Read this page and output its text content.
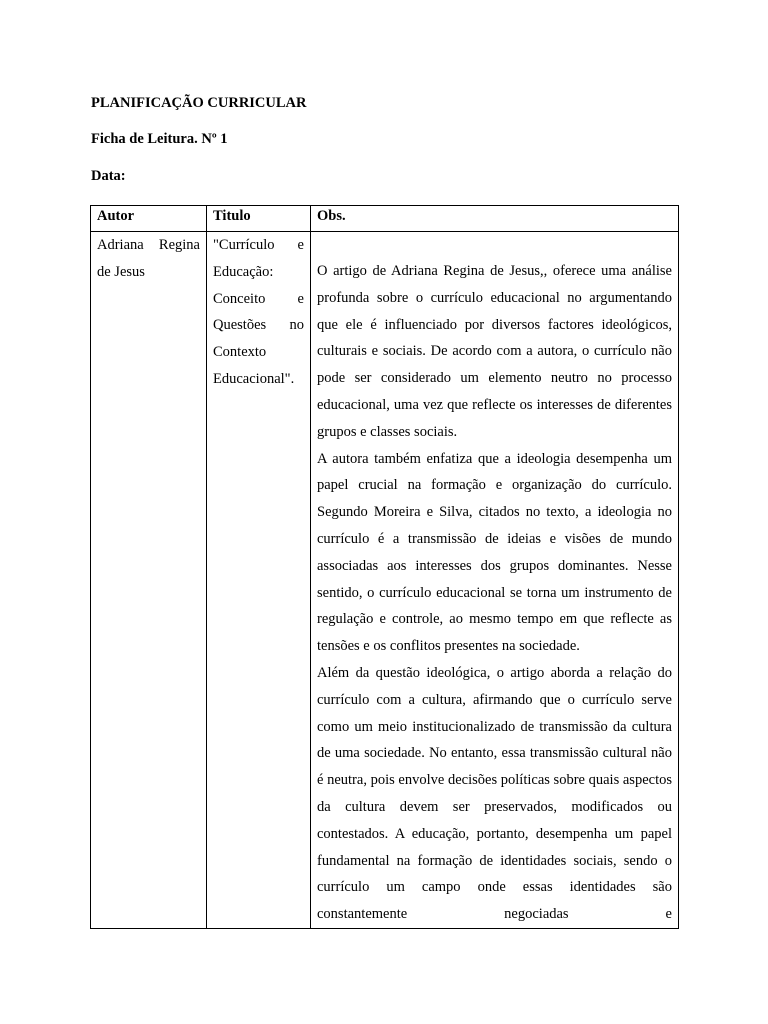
PLANIFICAÇÃO CURRICULAR

Ficha de Leitura. Nº 1

Data:

Autor	Titulo	Obs.

Adriana Regina de Jesus	"Currículo e Educação: Conceito e Questões no Contexto Educacional".	O artigo de Adriana Regina de Jesus,, oferece uma análise profunda sobre o currículo educacional no argumentando que ele é influenciado por diversos factores ideológicos, culturais e sociais. De acordo com a autora, o currículo não pode ser considerado um elemento neutro no processo educacional, uma vez que reflecte os interesses de diferentes grupos e classes sociais.

A autora também enfatiza que a ideologia desempenha um papel crucial na formação e organização do currículo. Segundo Moreira e Silva, citados no texto, a ideologia no currículo é a transmissão de ideias e visões de mundo associadas aos interesses dos grupos dominantes. Nesse sentido, o currículo educacional se torna um instrumento de regulação e controle, ao mesmo tempo em que reflecte as tensões e os conflitos presentes na sociedade.

Além da questão ideológica, o artigo aborda a relação do currículo com a cultura, afirmando que o currículo serve como um meio institucionalizado de transmissão da cultura de uma sociedade. No entanto, essa transmissão cultural não é neutra, pois envolve decisões políticas sobre quais aspectos da cultura devem ser preservados, modificados ou contestados. A educação, portanto, desempenha um papel fundamental na formação de identidades sociais, sendo o currículo um campo onde essas identidades são constantemente negociadas e
